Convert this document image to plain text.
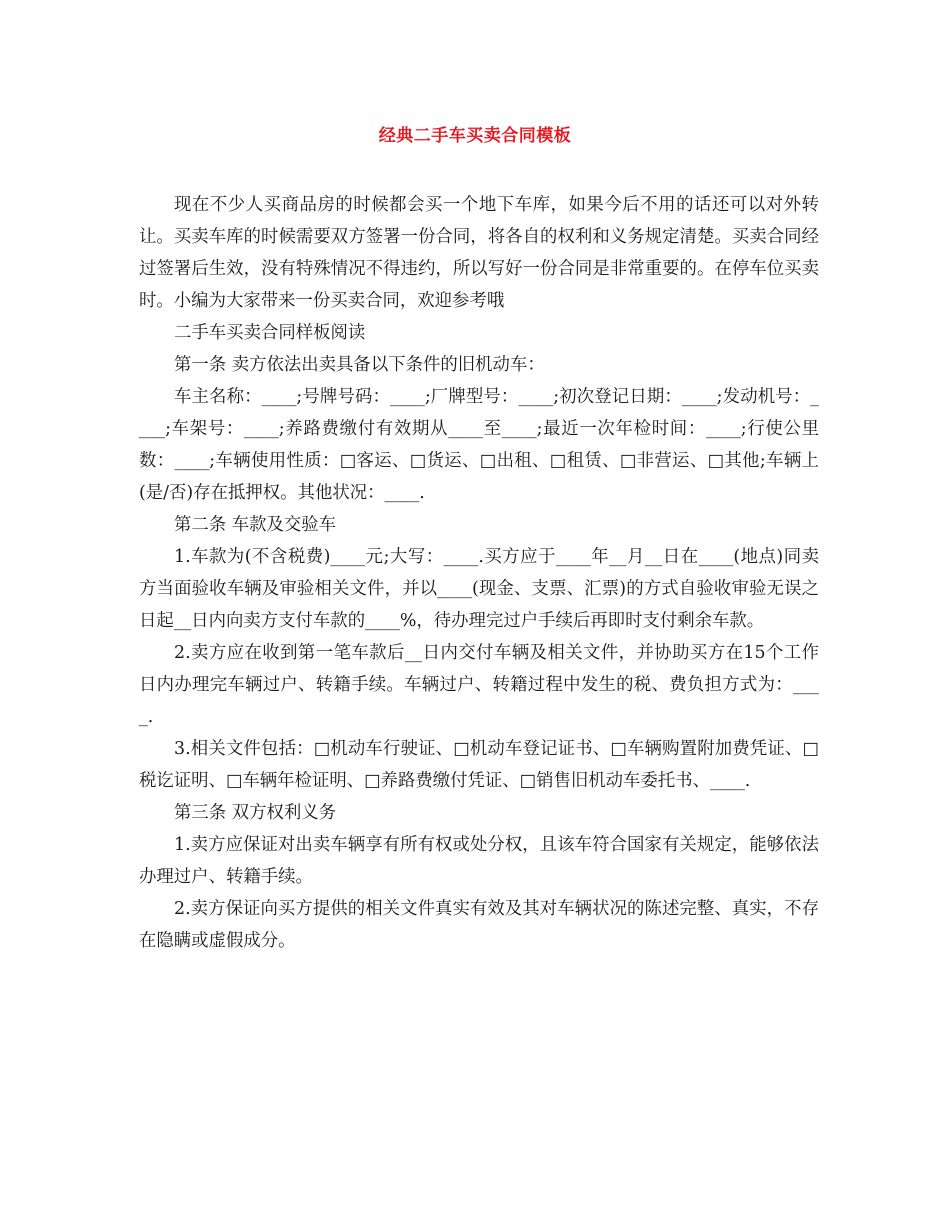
经典二手车买卖合同模板

现在不少人买商品房的时候都会买一个地下车库，如果今后不用的话还可以对外转让。买卖车库的时候需要双方签署一份合同，将各自的权利和义务规定清楚。买卖合同经过签署后生效，没有特殊情况不得违约，所以写好一份合同是非常重要的。在停车位买卖时。小编为大家带来一份买卖合同，欢迎参考哦

二手车买卖合同样板阅读

第一条 卖方依法出卖具备以下条件的旧机动车：

车主名称：____;号牌号码：____;厂牌型号：____;初次登记日期：____;发动机号：____;车架号：____;养路费缴付有效期从____至____;最近一次年检时间：____;行使公里数：____;车辆使用性质：□客运、□货运、□出租、□租赁、□非营运、□其他;车辆上(是/否)存在抵押权。其他状况：____.

第二条 车款及交验车

1.车款为(不含税费)____元;大写：____.买方应于____年__月__日在____(地点)同卖方当面验收车辆及审验相关文件，并以____(现金、支票、汇票)的方式自验收审验无误之日起__日内向卖方支付车款的____%，待办理完过户手续后再即时支付剩余车款。

2.卖方应在收到第一笔车款后__日内交付车辆及相关文件，并协助买方在15个工作日内办理完车辆过户、转籍手续。车辆过户、转籍过程中发生的税、费负担方式为：____.

3.相关文件包括：□机动车行驶证、□机动车登记证书、□车辆购置附加费凭证、□税讫证明、□车辆年检证明、□养路费缴付凭证、□销售旧机动车委托书、____.

第三条 双方权利义务

1.卖方应保证对出卖车辆享有所有权或处分权，且该车符合国家有关规定，能够依法办理过户、转籍手续。

2.卖方保证向买方提供的相关文件真实有效及其对车辆状况的陈述完整、真实，不存在隐瞒或虚假成分。
